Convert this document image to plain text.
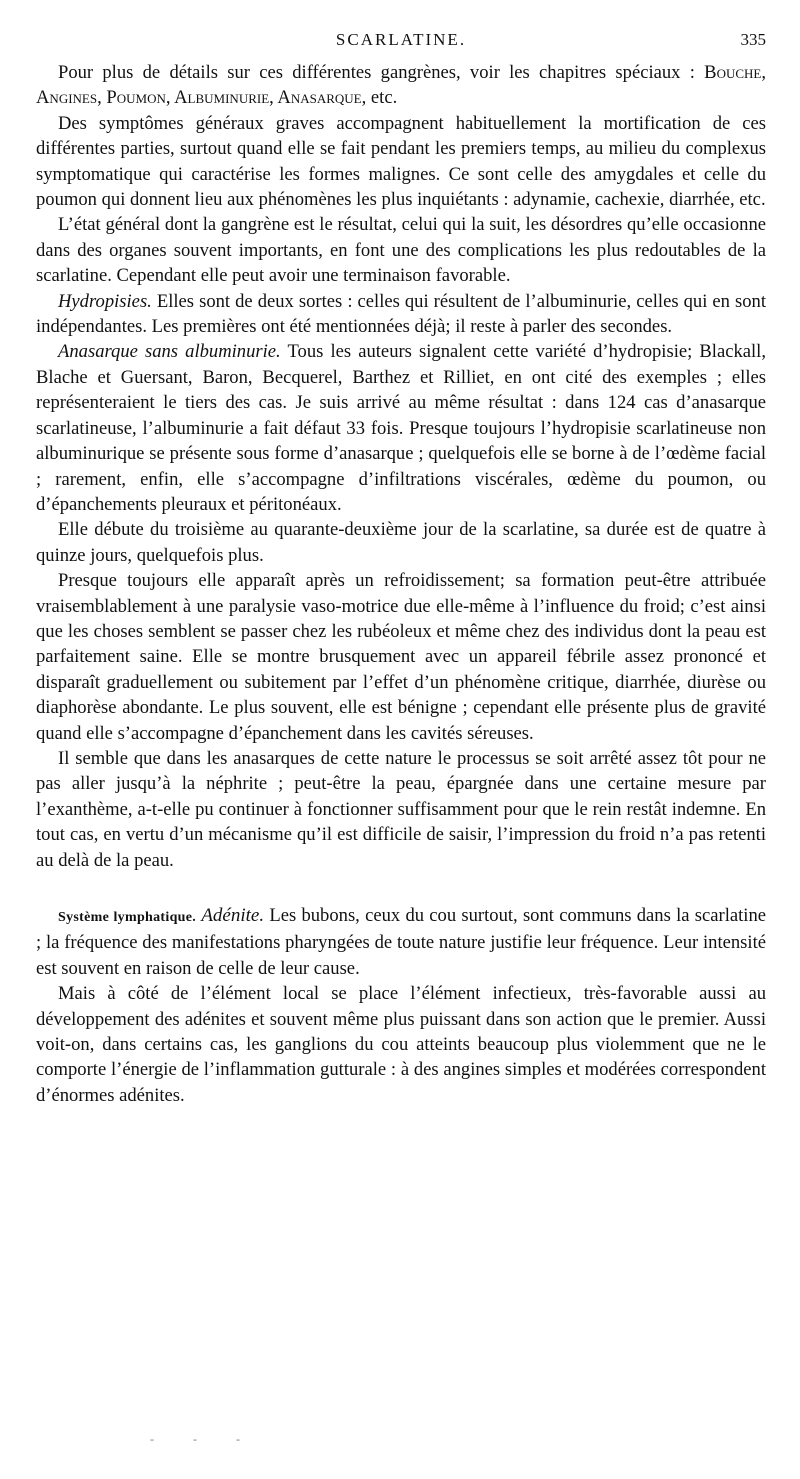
SCARLATINE.	335

Pour plus de détails sur ces différentes gangrènes, voir les chapitres spéciaux : Bouche, Angines, Poumon, Albuminurie, Anasarque, etc.

Des symptômes généraux graves accompagnent habituellement la mortification de ces différentes parties, surtout quand elle se fait pendant les premiers temps, au milieu du complexus symptomatique qui caractérise les formes malignes. Ce sont celle des amygdales et celle du poumon qui donnent lieu aux phénomènes les plus inquiétants : adynamie, cachexie, diarrhée, etc.

L’état général dont la gangrène est le résultat, celui qui la suit, les désordres qu’elle occasionne dans des organes souvent importants, en font une des complications les plus redoutables de la scarlatine. Cependant elle peut avoir une terminaison favorable.

Hydropisies. Elles sont de deux sortes : celles qui résultent de l’albuminurie, celles qui en sont indépendantes. Les premières ont été mentionnées déjà; il reste à parler des secondes.

Anasarque sans albuminurie. Tous les auteurs signalent cette variété d’hydropisie; Blackall, Blache et Guersant, Baron, Becquerel, Barthez et Rilliet, en ont cité des exemples ; elles représenteraient le tiers des cas. Je suis arrivé au même résultat : dans 124 cas d’anasarque scarlatineuse, l’albuminurie a fait défaut 33 fois. Presque toujours l’hydropisie scarlatineuse non albuminurique se présente sous forme d’anasarque ; quelquefois elle se borne à de l’œdème facial ; rarement, enfin, elle s’accompagne d’infiltrations viscérales, œdème du poumon, ou d’épanchements pleuraux et péritonéaux.

Elle débute du troisième au quarante-deuxième jour de la scarlatine, sa durée est de quatre à quinze jours, quelquefois plus.

Presque toujours elle apparaît après un refroidissement; sa formation peut-être attribuée vraisemblablement à une paralysie vaso-motrice due elle-même à l’influence du froid; c’est ainsi que les choses semblent se passer chez les rubéoleux et même chez des individus dont la peau est parfaitement saine. Elle se montre brusquement avec un appareil fébrile assez prononcé et disparaît graduellement ou subitement par l’effet d’un phénomène critique, diarrhée, diurèse ou diaphorèse abondante. Le plus souvent, elle est bénigne ; cependant elle présente plus de gravité quand elle s’accompagne d’épanchement dans les cavités séreuses.

Il semble que dans les anasarques de cette nature le processus se soit arrêté assez tôt pour ne pas aller jusqu’à la néphrite ; peut-être la peau, épargnée dans une certaine mesure par l’exanthème, a-t-elle pu continuer à fonctionner suffisamment pour que le rein restât indemne. En tout cas, en vertu d’un mécanisme qu’il est difficile de saisir, l’impression du froid n’a pas retenti au delà de la peau.

Système lymphatique. Adénite. Les bubons, ceux du cou surtout, sont communs dans la scarlatine ; la fréquence des manifestations pharyngées de toute nature justifie leur fréquence. Leur intensité est souvent en raison de celle de leur cause.

Mais à côté de l’élément local se place l’élément infectieux, très-favorable aussi au développement des adénites et souvent même plus puissant dans son action que le premier. Aussi voit-on, dans certains cas, les ganglions du cou atteints beaucoup plus violemment que ne le comporte l’énergie de l’inflammation gutturale : à des angines simples et modérées correspondent d’énormes adénites.

- - -
